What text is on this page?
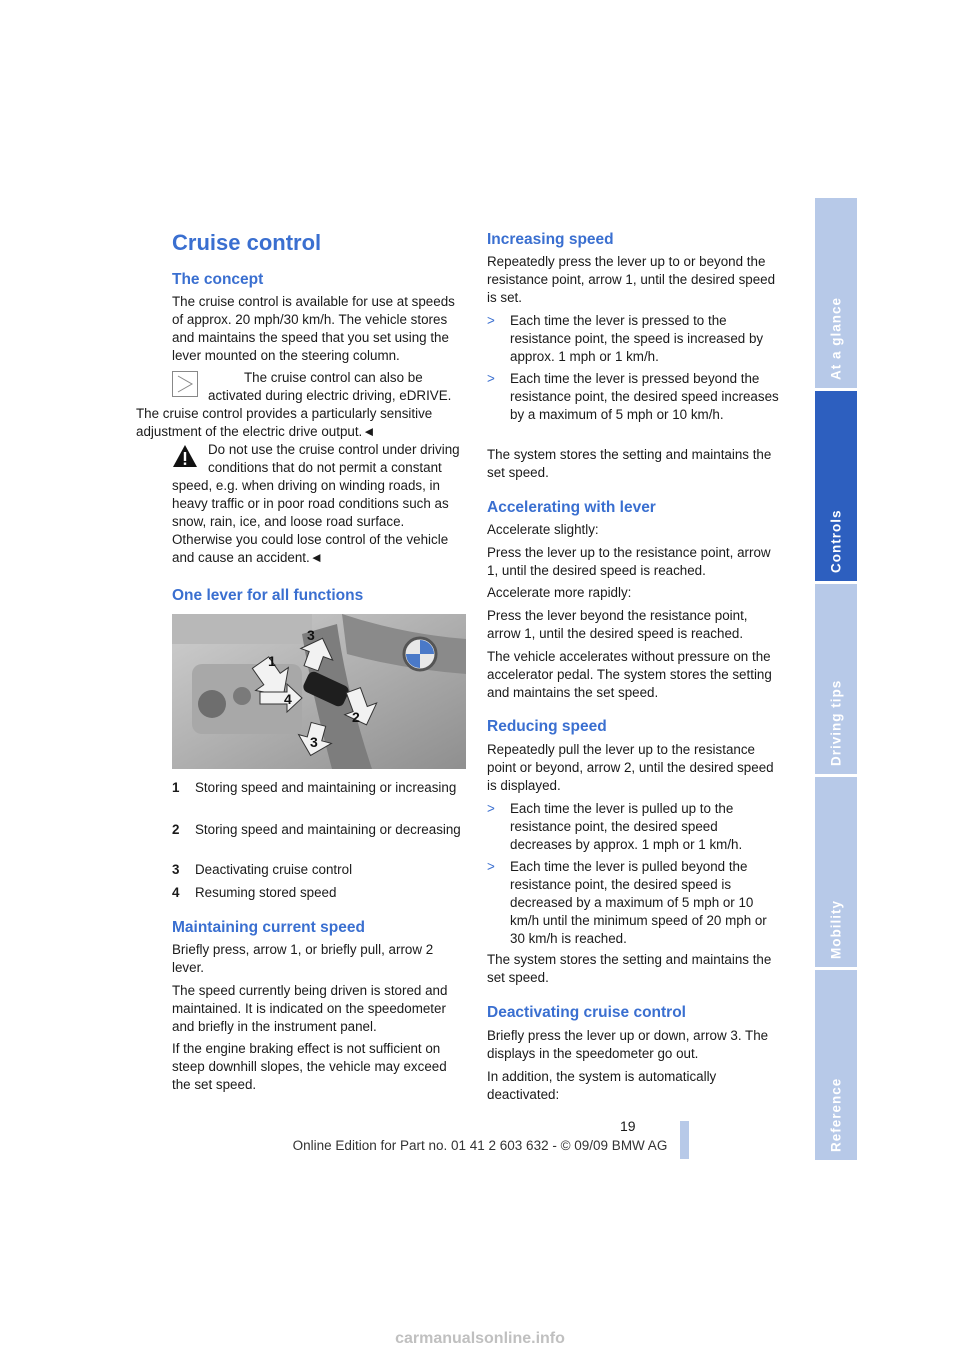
At a glance
Controls
Driving tips
Mobility
Reference
Cruise control
The concept
The cruise control is available for use at speeds of approx. 20 mph/30 km/h. The vehicle stores and maintains the speed that you set using the lever mounted on the steering column.
The cruise control can also be activated during electric driving, eDRIVE. The cruise control provides a particularly sensitive adjustment of the electric drive output.◄
Do not use the cruise control under driving conditions that do not permit a constant speed, e.g. when driving on winding roads, in heavy traffic or in poor road conditions such as snow, rain, ice, and loose road surface. Otherwise you could lose control of the vehicle and cause an accident.◄
One lever for all functions
1
2
3
4
3
1 Storing speed and maintaining or increasing
2 Storing speed and maintaining or decreasing
3 Deactivating cruise control
4 Resuming stored speed
Maintaining current speed
Briefly press, arrow 1, or briefly pull, arrow 2 lever.
The speed currently being driven is stored and maintained. It is indicated on the speedometer and briefly in the instrument panel.
If the engine braking effect is not sufficient on steep downhill slopes, the vehicle may exceed the set speed.
Increasing speed
Repeatedly press the lever up to or beyond the resistance point, arrow 1, until the desired speed is set.
> Each time the lever is pressed to the resistance point, the speed is increased by approx. 1 mph or 1 km/h.
> Each time the lever is pressed beyond the resistance point, the desired speed increases by a maximum of 5 mph or 10 km/h.
The system stores the setting and maintains the set speed.
Accelerating with lever
Accelerate slightly:
Press the lever up to the resistance point, arrow 1, until the desired speed is reached.
Accelerate more rapidly:
Press the lever beyond the resistance point, arrow 1, until the desired speed is reached.
The vehicle accelerates without pressure on the accelerator pedal. The system stores the setting and maintains the set speed.
Reducing speed
Repeatedly pull the lever up to the resistance point or beyond, arrow 2, until the desired speed is displayed.
> Each time the lever is pulled up to the resistance point, the desired speed decreases by approx. 1 mph or 1 km/h.
> Each time the lever is pulled beyond the resistance point, the desired speed is decreased by a maximum of 5 mph or 10 km/h until the minimum speed of 20 mph or 30 km/h is reached.
The system stores the setting and maintains the set speed.
Deactivating cruise control
Briefly press the lever up or down, arrow 3. The displays in the speedometer go out.
In addition, the system is automatically deactivated:
19
Online Edition for Part no. 01 41 2 603 632 - © 09/09 BMW AG
carmanualsonline.info
